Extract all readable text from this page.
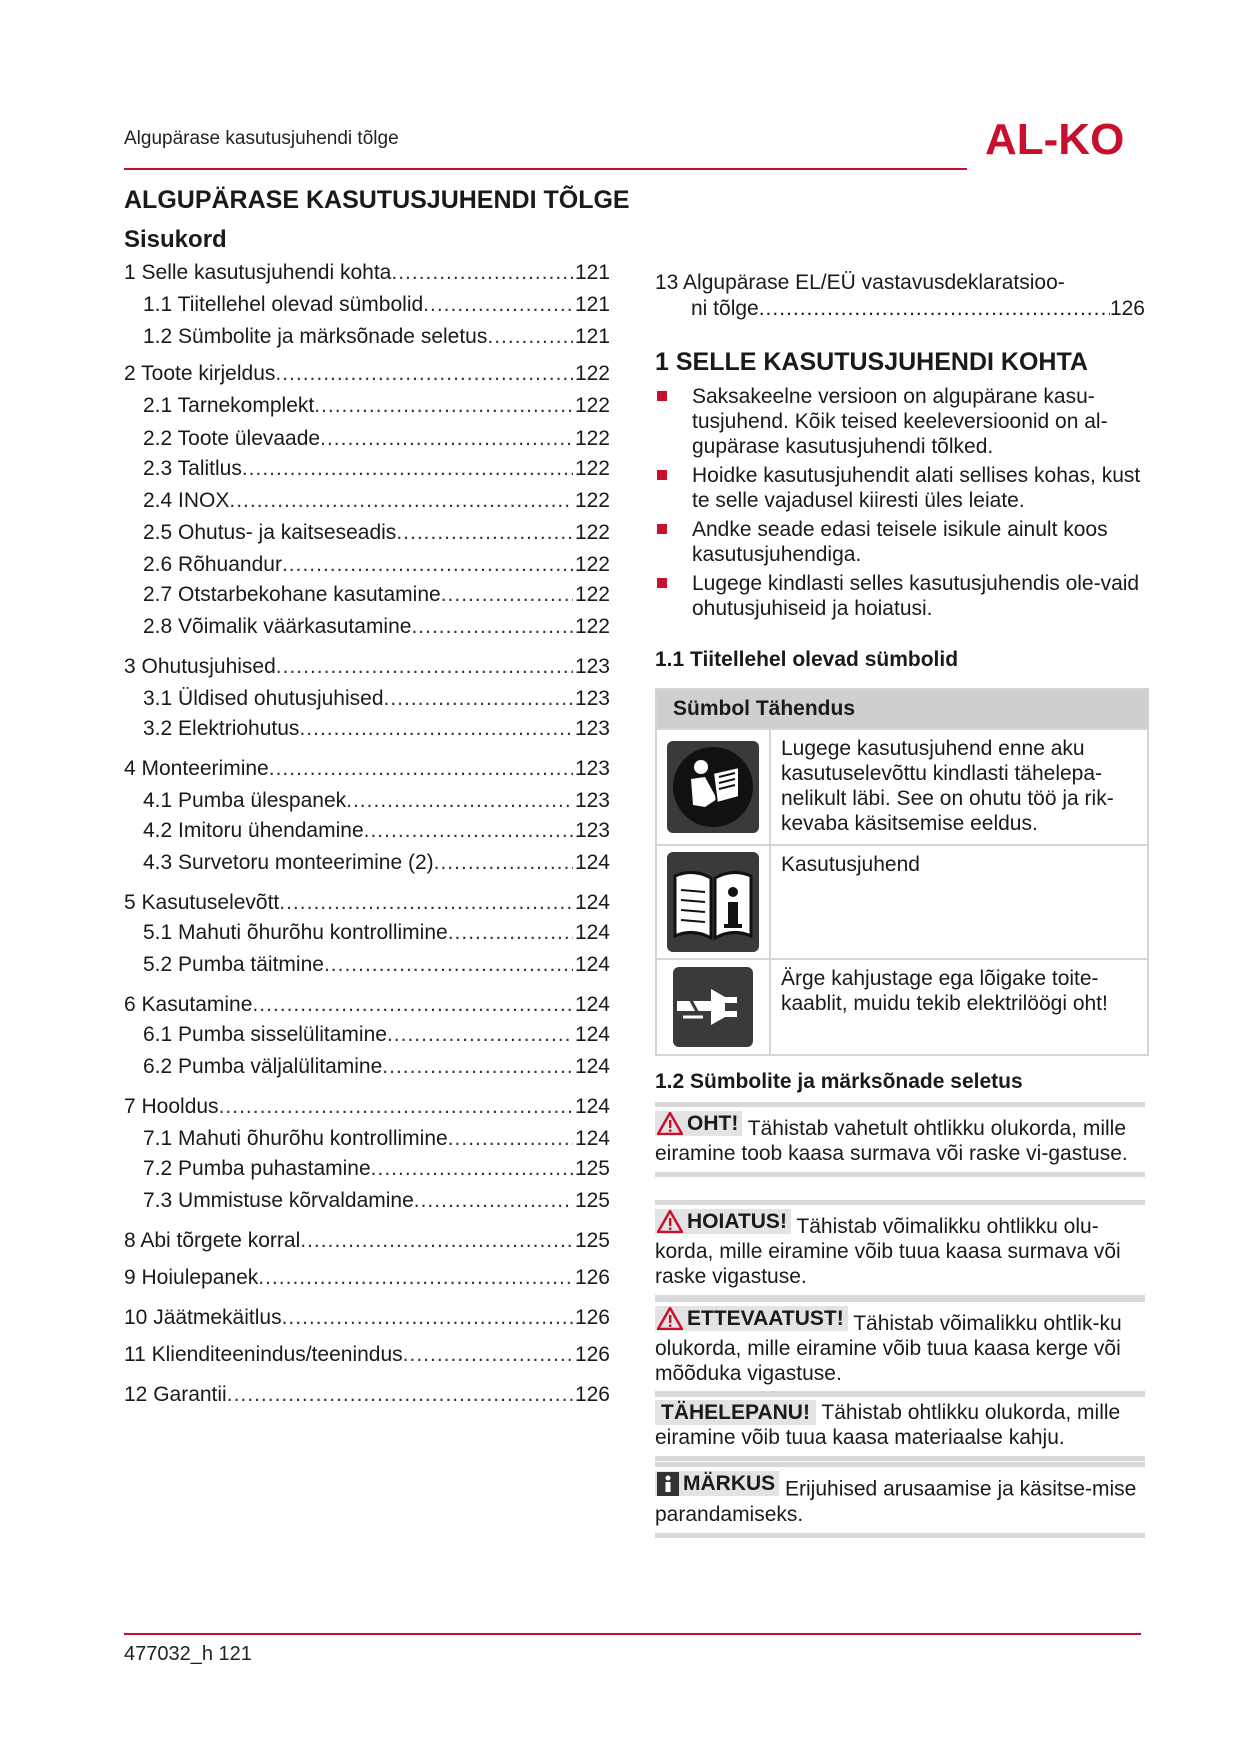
Algupärase kasutusjuhendi tõlge	AL-KO
ALGUPÄRASE KASUTUSJUHENDI TÕLGE
Sisukord
1 Selle kasutusjuhendi kohta .....	121
1.1 Tiitellehel olevad sümbolid .....	121
1.2 Sümbolite ja märksõnade seletus .....	121
2 Toote kirjeldus .....	122
2.1 Tarnekomplekt .....	122
2.2 Toote ülevaade .....	122
2.3 Talitlus .....	122
2.4 INOX .....	122
2.5 Ohutus- ja kaitseseadis .....	122
2.6 Rõhuandur .....	122
2.7 Otstarbekohane kasutamine .....	122
2.8 Võimalik väärkasutamine .....	122
3 Ohutusjuhised .....	123
3.1 Üldised ohutusjuhised .....	123
3.2 Elektriohutus .....	123
4 Monteerimine .....	123
4.1 Pumba ülespanek .....	123
4.2 Imitoru ühendamine .....	123
4.3 Survetoru monteerimine (2) .....	124
5 Kasutuselevõtt .....	124
5.1 Mahuti õhurõhu kontrollimine .....	124
5.2 Pumba täitmine .....	124
6 Kasutamine .....	124
6.1 Pumba sisselülitamine .....	124
6.2 Pumba väljalülitamine .....	124
7 Hooldus .....	124
7.1 Mahuti õhurõhu kontrollimine .....	124
7.2 Pumba puhastamine .....	125
7.3 Ummistuse kõrvaldamine .....	125
8 Abi tõrgete korral .....	125
9 Hoiulepanek .....	126
10 Jäätmekäitlus .....	126
11 Klienditeenindus/teenindus .....	126
12 Garantii .....	126
13 Algupärase EL/EÜ vastavusdeklaratsioo-
ni tõlge .....	126
1 SELLE KASUTUSJUHENDI KOHTA
Saksakeelne versioon on algupärane kasu-tusjuhend. Kõik teised keeleversioonid on al-gupärase kasutusjuhendi tõlked.
Hoidke kasutusjuhendit alati sellises kohas, kust te selle vajadusel kiiresti üles leiate.
Andke seade edasi teisele isikule ainult koos kasutusjuhendiga.
Lugege kindlasti selles kasutusjuhendis ole-vaid ohutusjuhiseid ja hoiatusi.
1.1 Tiitellehel olevad sümbolid
Sümbol Tähendus
Lugege kasutusjuhend enne aku kasutuselevõttu kindlasti tähelepa-nelikult läbi. See on ohutu töö ja rik-kevaba käsitsemise eeldus.
Kasutusjuhend
Ärge kahjustage ega lõigake toite-kaablit, muidu tekib elektrilöögi oht!
1.2 Sümbolite ja märksõnade seletus
OHT! Tähistab vahetult ohtlikku olukorda, mille eiramine toob kaasa surmava või raske vi-gastuse.
HOIATUS! Tähistab võimalikku ohtlikku olu-korda, mille eiramine võib tuua kaasa surmava või raske vigastuse.
ETTEVAATUST! Tähistab võimalikku ohtlik-ku olukorda, mille eiramine võib tuua kaasa kerge või mõõduka vigastuse.
TÄHELEPANU! Tähistab ohtlikku olukorda, mille eiramine võib tuua kaasa materiaalse kahju.
MÄRKUS Erijuhised arusaamise ja käsitse-mise parandamiseks.
477032_h 121
